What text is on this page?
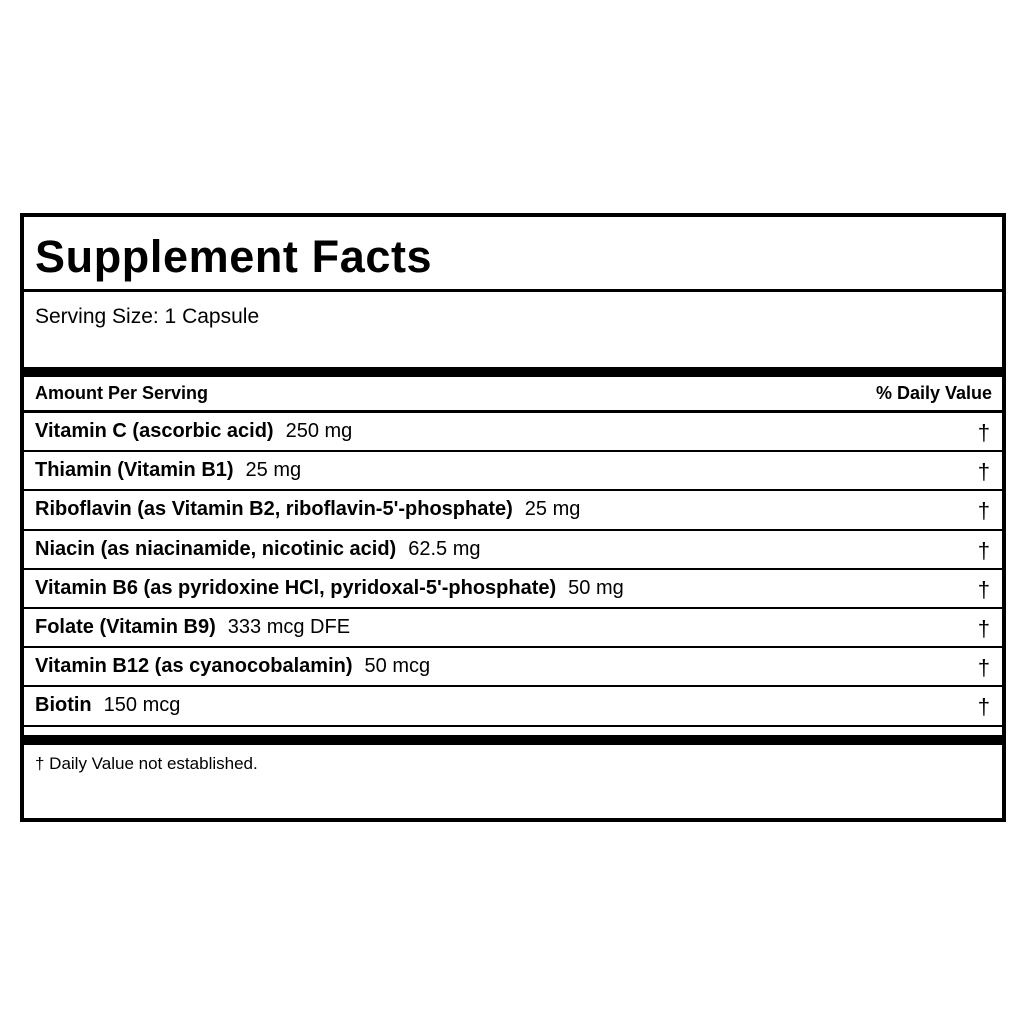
Supplement Facts
Serving Size: 1 Capsule
Amount Per Serving	% Daily Value
Vitamin C (ascorbic acid) 250 mg	†
Thiamin (Vitamin B1) 25 mg	†
Riboflavin (as Vitamin B2, riboflavin-5'-phosphate) 25 mg	†
Niacin (as niacinamide, nicotinic acid) 62.5 mg	†
Vitamin B6 (as pyridoxine HCl, pyridoxal-5'-phosphate) 50 mg	†
Folate (Vitamin B9) 333 mcg DFE	†
Vitamin B12 (as cyanocobalamin) 50 mcg	†
Biotin 150 mcg	†
† Daily Value not established.
